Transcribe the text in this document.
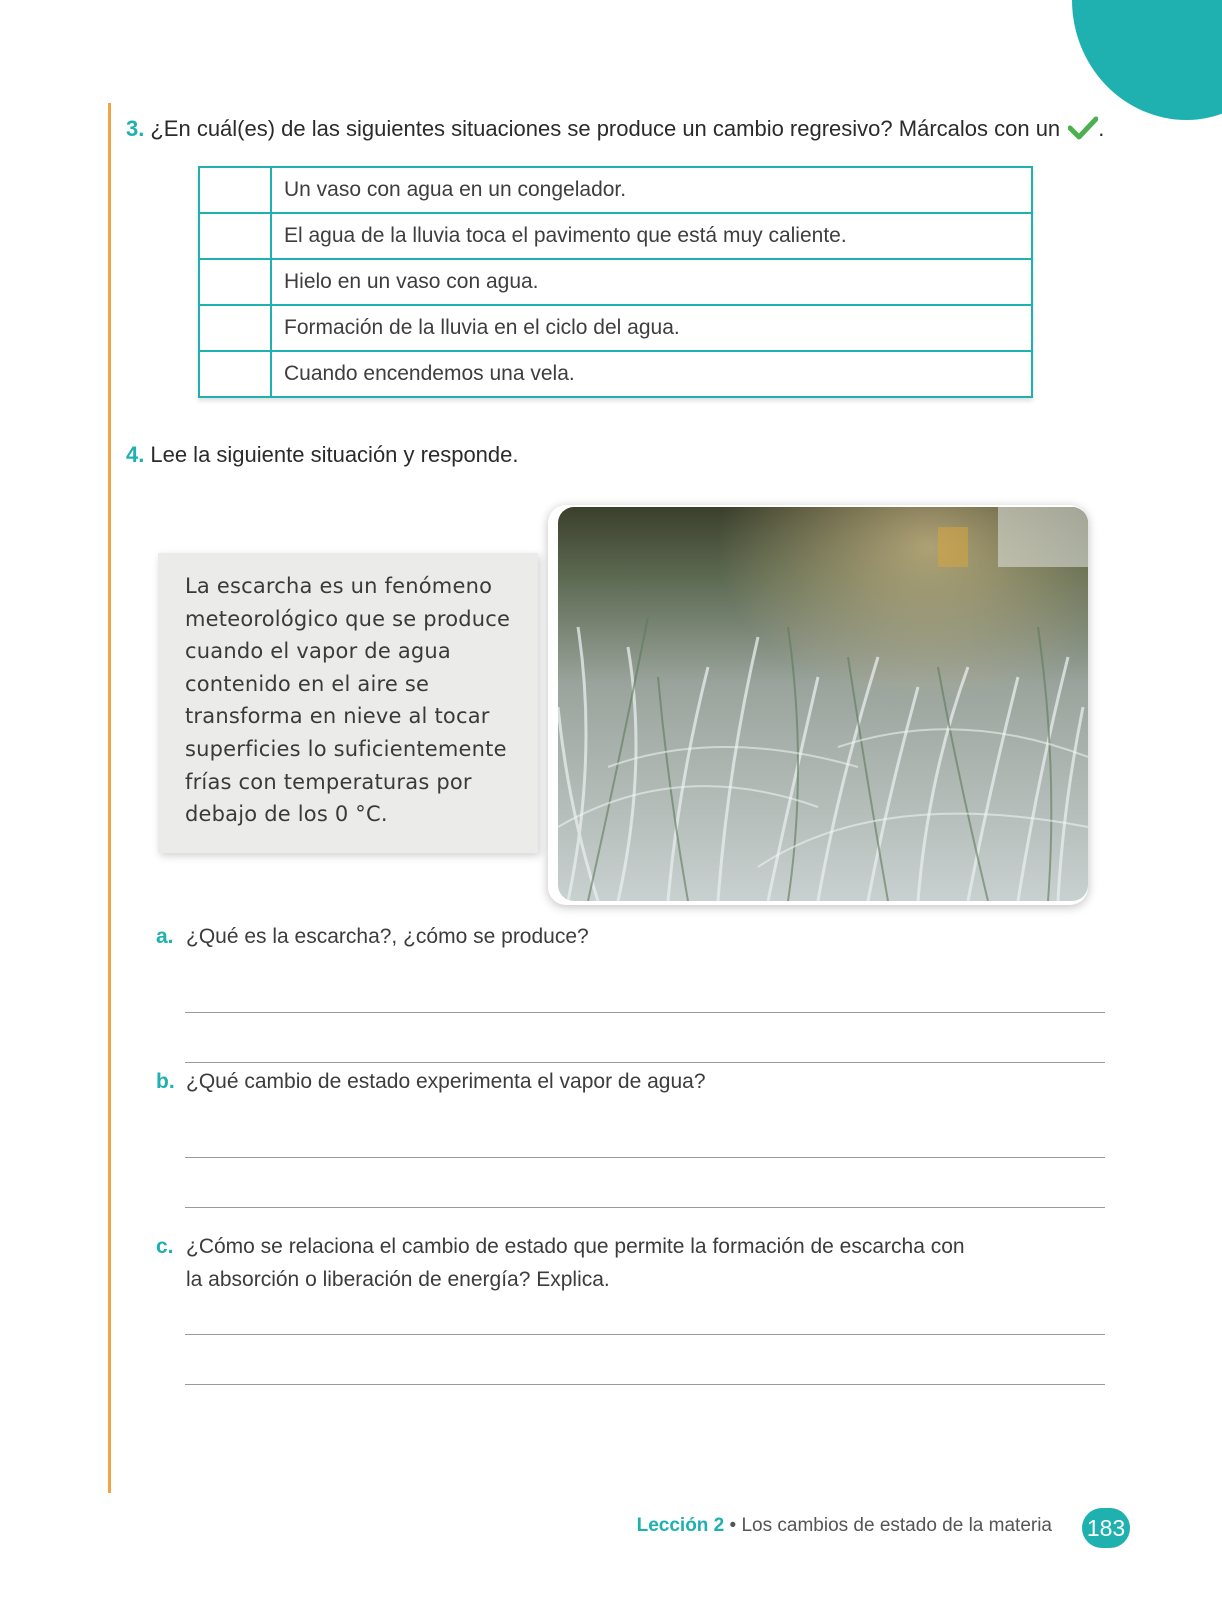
3. ¿En cuál(es) de las siguientes situaciones se produce un cambio regresivo? Márcalos con un .
	Un vaso con agua en un congelador.
	El agua de la lluvia toca el pavimento que está muy caliente.
	Hielo en un vaso con agua.
	Formación de la lluvia en el ciclo del agua.
	Cuando encendemos una vela.
4. Lee la siguiente situación y responde.
La escarcha es un fenómeno meteorológico que se produce cuando el vapor de agua contenido en el aire se transforma en nieve al tocar superficies lo suficientemente frías con temperaturas por debajo de los 0 °C.
a. ¿Qué es la escarcha?, ¿cómo se produce?
b. ¿Qué cambio de estado experimenta el vapor de agua?
c. ¿Cómo se relaciona el cambio de estado que permite la formación de escarcha con la absorción o liberación de energía? Explica.
Lección 2 • Los cambios de estado de la materia 183
